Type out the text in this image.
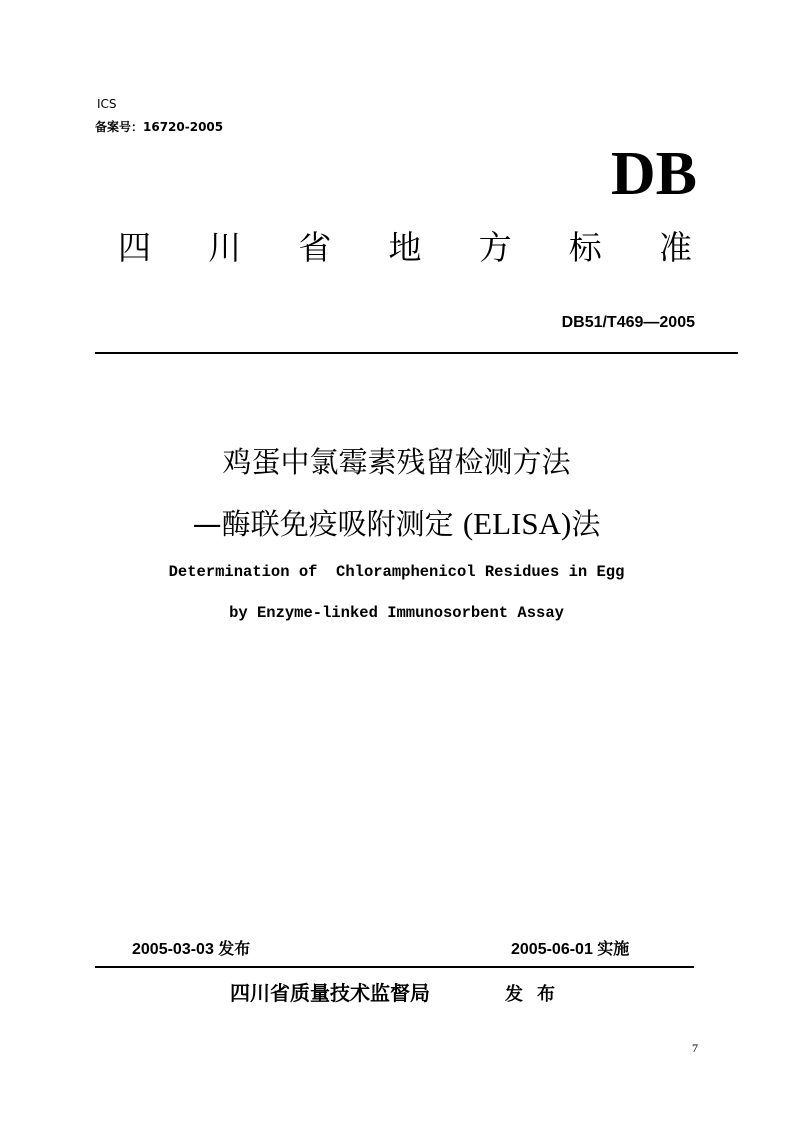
ICS
备案号：16720-2005
DB
四 川 省 地 方 标 准
DB51/T469—2005
鸡蛋中氯霉素残留检测方法
—酶联免疫吸附测定 (ELISA)法
Determination of  Chloramphenicol Residues in Egg
by Enzyme-linked Immunosorbent Assay
2005-03-03 发布	2005-06-01 实施
四川省质量技术监督局	发布
7
